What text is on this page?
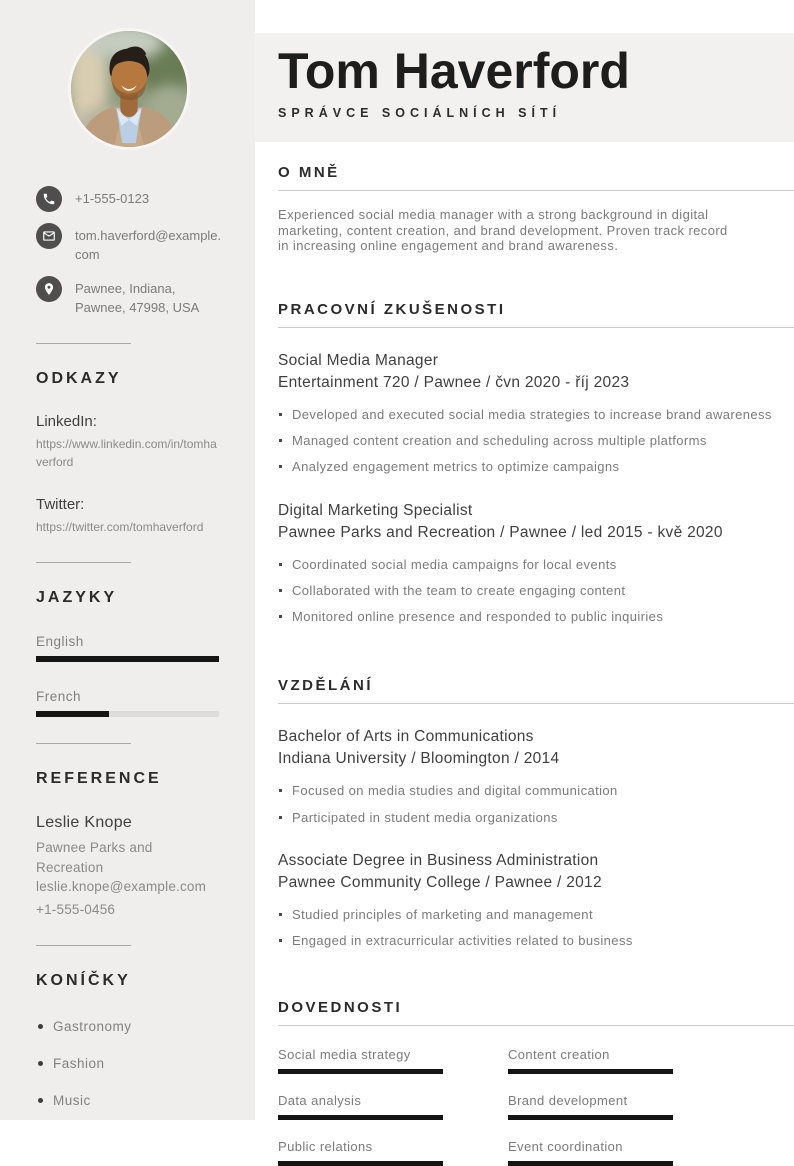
+1-555-0123
tom.haverford@example.com
Pawnee, Indiana, Pawnee, 47998, USA
ODKAZY
LinkedIn:
https://www.linkedin.com/in/tomhaverford
Twitter:
https://twitter.com/tomhaverford
JAZYKY
English
French
REFERENCE
Leslie Knope
Pawnee Parks and Recreation
leslie.knope@example.com
+1-555-0456
KONÍČKY
Gastronomy
Fashion
Music
Tom Haverford
SPRÁVCE SOCIÁLNÍCH SÍTÍ
O MNĚ

Experienced social media manager with a strong background in digital marketing, content creation, and brand development. Proven track record in increasing online engagement and brand awareness.

PRACOVNÍ ZKUŠENOSTI
Social Media Manager
Entertainment 720 / Pawnee / čvn 2020 - říj 2023
Developed and executed social media strategies to increase brand awareness
Managed content creation and scheduling across multiple platforms
Analyzed engagement metrics to optimize campaigns
Digital Marketing Specialist
Pawnee Parks and Recreation / Pawnee / led 2015 - kvě 2020
Coordinated social media campaigns for local events
Collaborated with the team to create engaging content
Monitored online presence and responded to public inquiries
VZDĚLÁNÍ
Bachelor of Arts in Communications
Indiana University / Bloomington / 2014
Focused on media studies and digital communication
Participated in student media organizations
Associate Degree in Business Administration
Pawnee Community College / Pawnee / 2012
Studied principles of marketing and management
Engaged in extracurricular activities related to business
DOVEDNOSTI
Social media strategy	Content creation
Data analysis	Brand development
Public relations	Event coordination
